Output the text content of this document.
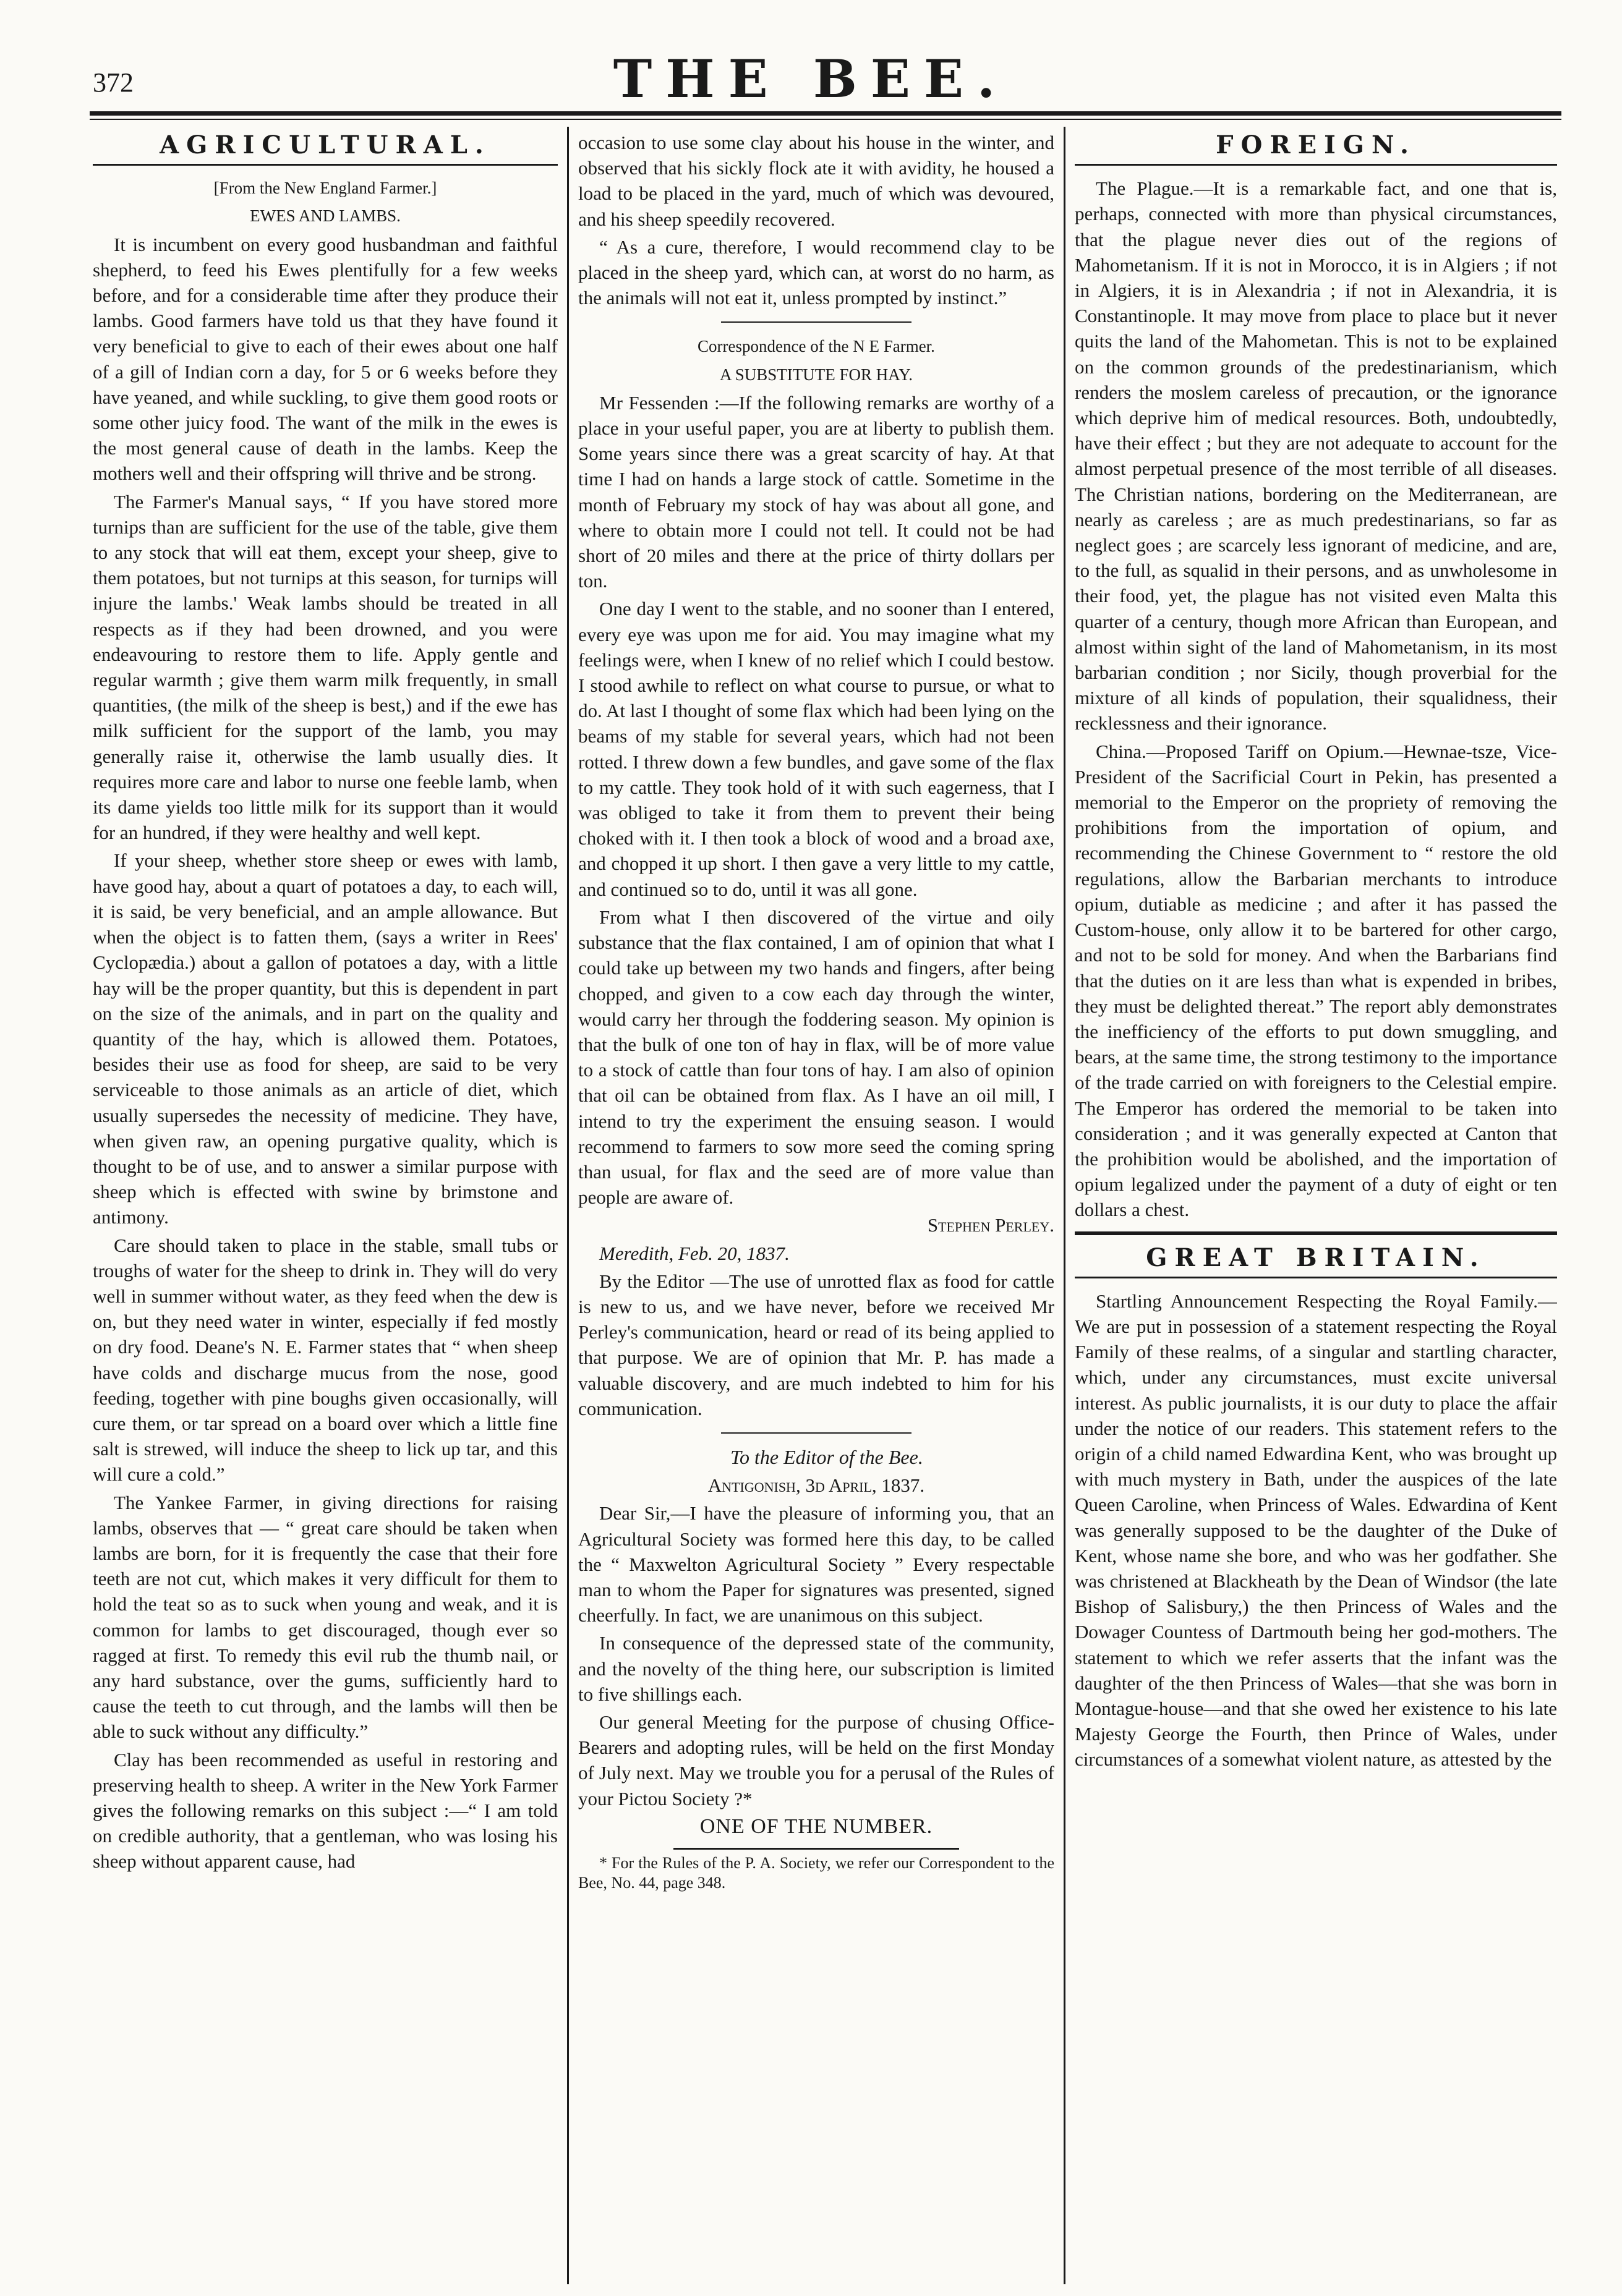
372	THE BEE.
AGRICULTURAL.

[From the New England Farmer.]

EWES AND LAMBS.

It is incumbent on every good husbandman and faithful shepherd, to feed his Ewes plentifully for a few weeks before, and for a considerable time after they produce their lambs. Good farmers have told us that they have found it very beneficial to give to each of their ewes about one half of a gill of Indian corn a day, for 5 or 6 weeks before they have yeaned, and while suckling, to give them good roots or some other juicy food. The want of the milk in the ewes is the most general cause of death in the lambs. Keep the mothers well and their offspring will thrive and be strong.

The Farmer's Manual says, “ If you have stored more turnips than are sufficient for the use of the table, give them to any stock that will eat them, except your sheep, give to them potatoes, but not turnips at this season, for turnips will injure the lambs.' Weak lambs should be treated in all respects as if they had been drowned, and you were endeavouring to restore them to life. Apply gentle and regular warmth ; give them warm milk frequently, in small quantities, (the milk of the sheep is best,) and if the ewe has milk sufficient for the support of the lamb, you may generally raise it, otherwise the lamb usually dies. It requires more care and labor to nurse one feeble lamb, when its dame yields too little milk for its support than it would for an hundred, if they were healthy and well kept.

If your sheep, whether store sheep or ewes with lamb, have good hay, about a quart of potatoes a day, to each will, it is said, be very beneficial, and an ample allowance. But when the object is to fatten them, (says a writer in Rees' Cyclopædia.) about a gallon of potatoes a day, with a little hay will be the proper quantity, but this is dependent in part on the size of the animals, and in part on the quality and quantity of the hay, which is allowed them. Potatoes, besides their use as food for sheep, are said to be very serviceable to those animals as an article of diet, which usually supersedes the necessity of medicine. They have, when given raw, an opening purgative quality, which is thought to be of use, and to answer a similar purpose with sheep which is effected with swine by brimstone and antimony.

Care should taken to place in the stable, small tubs or troughs of water for the sheep to drink in. They will do very well in summer without water, as they feed when the dew is on, but they need water in winter, especially if fed mostly on dry food. Deane's N. E. Farmer states that “ when sheep have colds and discharge mucus from the nose, good feeding, together with pine boughs given occasionally, will cure them, or tar spread on a board over which a little fine salt is strewed, will induce the sheep to lick up tar, and this will cure a cold.”

The Yankee Farmer, in giving directions for raising lambs, observes that — “ great care should be taken when lambs are born, for it is frequently the case that their fore teeth are not cut, which makes it very difficult for them to hold the teat so as to suck when young and weak, and it is common for lambs to get discouraged, though ever so ragged at first. To remedy this evil rub the thumb nail, or any hard substance, over the gums, sufficiently hard to cause the teeth to cut through, and the lambs will then be able to suck without any difficulty.”

Clay has been recommended as useful in restoring and preserving health to sheep. A writer in the New York Farmer gives the following remarks on this subject :—“ I am told on credible authority, that a gentleman, who was losing his sheep without apparent cause, had

occasion to use some clay about his house in the winter, and observed that his sickly flock ate it with avidity, he housed a load to be placed in the yard, much of which was devoured, and his sheep speedily recovered.

“ As a cure, therefore, I would recommend clay to be placed in the sheep yard, which can, at worst do no harm, as the animals will not eat it, unless prompted by instinct.”

Correspondence of the N E Farmer.

A SUBSTITUTE FOR HAY.

Mr Fessenden :—If the following remarks are worthy of a place in your useful paper, you are at liberty to publish them. Some years since there was a great scarcity of hay. At that time I had on hands a large stock of cattle. Sometime in the month of February my stock of hay was about all gone, and where to obtain more I could not tell. It could not be had short of 20 miles and there at the price of thirty dollars per ton.

One day I went to the stable, and no sooner than I entered, every eye was upon me for aid. You may imagine what my feelings were, when I knew of no relief which I could bestow. I stood awhile to reflect on what course to pursue, or what to do. At last I thought of some flax which had been lying on the beams of my stable for several years, which had not been rotted. I threw down a few bundles, and gave some of the flax to my cattle. They took hold of it with such eagerness, that I was obliged to take it from them to prevent their being choked with it. I then took a block of wood and a broad axe, and chopped it up short. I then gave a very little to my cattle, and continued so to do, until it was all gone.

From what I then discovered of the virtue and oily substance that the flax contained, I am of opinion that what I could take up between my two hands and fingers, after being chopped, and given to a cow each day through the winter, would carry her through the foddering season. My opinion is that the bulk of one ton of hay in flax, will be of more value to a stock of cattle than four tons of hay. I am also of opinion that oil can be obtained from flax. As I have an oil mill, I intend to try the experiment the ensuing season. I would recommend to farmers to sow more seed the coming spring than usual, for flax and the seed are of more value than people are aware of.

Stephen Perley.

Meredith, Feb. 20, 1837.

By the Editor —The use of unrotted flax as food for cattle is new to us, and we have never, before we received Mr Perley's communication, heard or read of its being applied to that purpose. We are of opinion that Mr. P. has made a valuable discovery, and are much indebted to him for his communication.

To the Editor of the Bee.

Antigonish, 3d April, 1837.

Dear Sir,—I have the pleasure of informing you, that an Agricultural Society was formed here this day, to be called the “ Maxwelton Agricultural Society ” Every respectable man to whom the Paper for signatures was presented, signed cheerfully. In fact, we are unanimous on this subject.

In consequence of the depressed state of the community, and the novelty of the thing here, our subscription is limited to five shillings each.

Our general Meeting for the purpose of chusing Office-Bearers and adopting rules, will be held on the first Monday of July next. May we trouble you for a perusal of the Rules of your Pictou Society ?*

ONE OF THE NUMBER.

* For the Rules of the P. A. Society, we refer our Correspondent to the Bee, No. 44, page 348.

FOREIGN.

The Plague.—It is a remarkable fact, and one that is, perhaps, connected with more than physical circumstances, that the plague never dies out of the regions of Mahometanism. If it is not in Morocco, it is in Algiers ; if not in Algiers, it is in Alexandria ; if not in Alexandria, it is Constantinople. It may move from place to place but it never quits the land of the Mahometan. This is not to be explained on the common grounds of the predestinarianism, which renders the moslem careless of precaution, or the ignorance which deprive him of medical resources. Both, undoubtedly, have their effect ; but they are not adequate to account for the almost perpetual presence of the most terrible of all diseases. The Christian nations, bordering on the Mediterranean, are nearly as careless ; are as much predestinarians, so far as neglect goes ; are scarcely less ignorant of medicine, and are, to the full, as squalid in their persons, and as unwholesome in their food, yet, the plague has not visited even Malta this quarter of a century, though more African than European, and almost within sight of the land of Mahometanism, in its most barbarian condition ; nor Sicily, though proverbial for the mixture of all kinds of population, their squalidness, their recklessness and their ignorance.

China.—Proposed Tariff on Opium.—Hewnae-tsze, Vice-President of the Sacrificial Court in Pekin, has presented a memorial to the Emperor on the propriety of removing the prohibitions from the importation of opium, and recommending the Chinese Government to “ restore the old regulations, allow the Barbarian merchants to introduce opium, dutiable as medicine ; and after it has passed the Custom-house, only allow it to be bartered for other cargo, and not to be sold for money. And when the Barbarians find that the duties on it are less than what is expended in bribes, they must be delighted thereat.” The report ably demonstrates the inefficiency of the efforts to put down smuggling, and bears, at the same time, the strong testimony to the importance of the trade carried on with foreigners to the Celestial empire. The Emperor has ordered the memorial to be taken into consideration ; and it was generally expected at Canton that the prohibition would be abolished, and the importation of opium legalized under the payment of a duty of eight or ten dollars a chest.

GREAT BRITAIN.

Startling Announcement Respecting the Royal Family.—We are put in possession of a statement respecting the Royal Family of these realms, of a singular and startling character, which, under any circumstances, must excite universal interest. As public journalists, it is our duty to place the affair under the notice of our readers. This statement refers to the origin of a child named Edwardina Kent, who was brought up with much mystery in Bath, under the auspices of the late Queen Caroline, when Princess of Wales. Edwardina of Kent was generally supposed to be the daughter of the Duke of Kent, whose name she bore, and who was her godfather. She was christened at Blackheath by the Dean of Windsor (the late Bishop of Salisbury,) the then Princess of Wales and the Dowager Countess of Dartmouth being her god-mothers. The statement to which we refer asserts that the infant was the daughter of the then Princess of Wales—that she was born in Montague-house—and that she owed her existence to his late Majesty George the Fourth, then Prince of Wales, under circumstances of a somewhat violent nature, as attested by the
